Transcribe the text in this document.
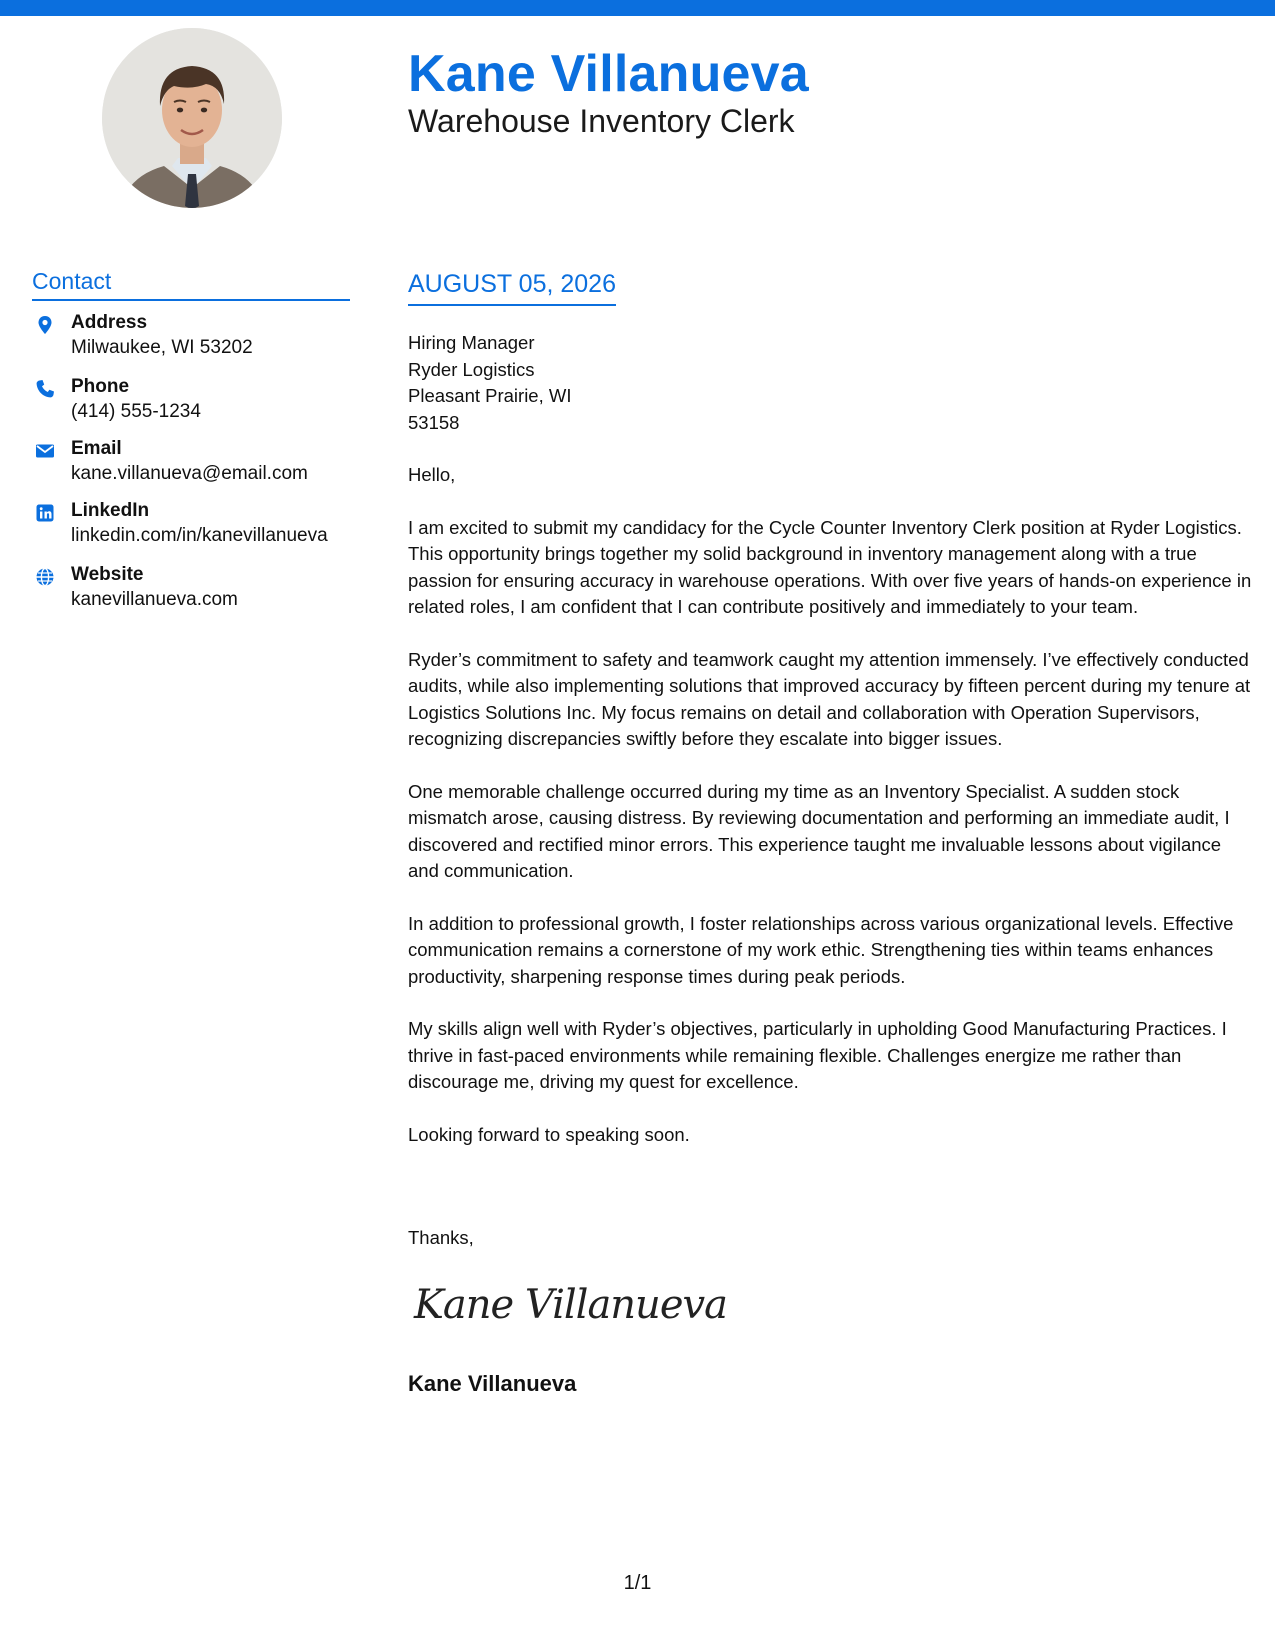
Kane Villanueva
Warehouse Inventory Clerk
Contact
Address
Milwaukee, WI 53202
Phone
(414) 555-1234
Email
kane.villanueva@email.com
LinkedIn
linkedin.com/in/kanevillanueva
Website
kanevillanueva.com
AUGUST 05, 2026
Hiring Manager
Ryder Logistics
Pleasant Prairie, WI
53158

Hello,

I am excited to submit my candidacy for the Cycle Counter Inventory Clerk position at Ryder Logistics. This opportunity brings together my solid background in inventory management along with a true passion for ensuring accuracy in warehouse operations. With over five years of hands-on experience in related roles, I am confident that I can contribute positively and immediately to your team.

Ryder’s commitment to safety and teamwork caught my attention immensely. I’ve effectively conducted audits, while also implementing solutions that improved accuracy by fifteen percent during my tenure at Logistics Solutions Inc. My focus remains on detail and collaboration with Operation Supervisors, recognizing discrepancies swiftly before they escalate into bigger issues.

One memorable challenge occurred during my time as an Inventory Specialist. A sudden stock mismatch arose, causing distress. By reviewing documentation and performing an immediate audit, I discovered and rectified minor errors. This experience taught me invaluable lessons about vigilance and communication.

In addition to professional growth, I foster relationships across various organizational levels. Effective communication remains a cornerstone of my work ethic. Strengthening ties within teams enhances productivity, sharpening response times during peak periods.

My skills align well with Ryder’s objectives, particularly in upholding Good Manufacturing Practices. I thrive in fast-paced environments while remaining flexible. Challenges energize me rather than discourage me, driving my quest for excellence.

Looking forward to speaking soon.

Thanks,
Kane Villanueva
Kane Villanueva
1/1
